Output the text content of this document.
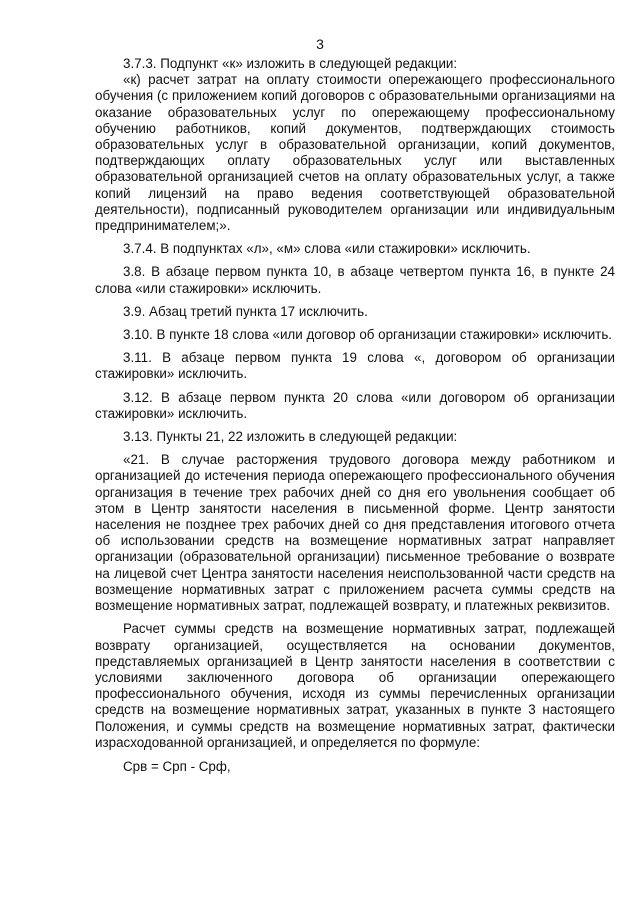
3

3.7.3. Подпункт «к» изложить в следующей редакции:

«к) расчет затрат на оплату стоимости опережающего профессионального обучения (с приложением копий договоров с образовательными организациями на оказание образовательных услуг по опережающему профессиональному обучению работников, копий документов, подтверждающих стоимость образовательных услуг в образовательной организации, копий документов, подтверждающих оплату образовательных услуг или выставленных образовательной организацией счетов на оплату образовательных услуг, а также копий лицензий на право ведения соответствующей образовательной деятельности), подписанный руководителем организации или индивидуальным предпринимателем;».

3.7.4. В подпунктах «л», «м» слова «или стажировки» исключить.

3.8. В абзаце первом пункта 10, в абзаце четвертом пункта 16, в пункте 24 слова «или стажировки» исключить.

3.9. Абзац третий пункта 17 исключить.

3.10. В пункте 18 слова «или договор об организации стажировки» исключить.

3.11. В абзаце первом пункта 19 слова «, договором об организации стажировки» исключить.

3.12. В абзаце первом пункта 20 слова «или договором об организации стажировки» исключить.

3.13. Пункты 21, 22 изложить в следующей редакции:

«21. В случае расторжения трудового договора между работником и организацией до истечения периода опережающего профессионального обучения организация в течение трех рабочих дней со дня его увольнения сообщает об этом в Центр занятости населения в письменной форме. Центр занятости населения не позднее трех рабочих дней со дня представления итогового отчета об использовании средств на возмещение нормативных затрат направляет организации (образовательной организации) письменное требование о возврате на лицевой счет Центра занятости населения неиспользованной части средств на возмещение нормативных затрат с приложением расчета суммы средств на возмещение нормативных затрат, подлежащей возврату, и платежных реквизитов.

Расчет суммы средств на возмещение нормативных затрат, подлежащей возврату организацией, осуществляется на основании документов, представляемых организацией в Центр занятости населения в соответствии с условиями заключенного договора об организации опережающего профессионального обучения, исходя из суммы перечисленных организации средств на возмещение нормативных затрат, указанных в пункте 3 настоящего Положения, и суммы средств на возмещение нормативных затрат, фактически израсходованной организацией, и определяется по формуле:

Срв = Срп - Срф,
